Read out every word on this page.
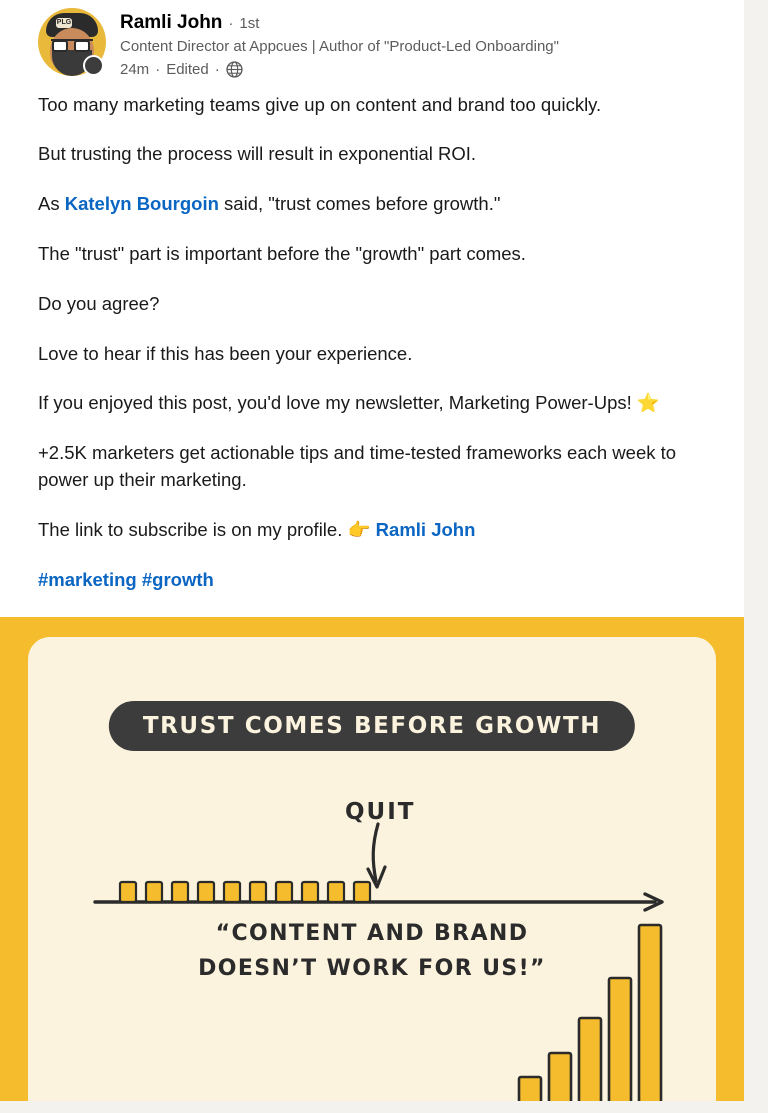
PLG	Ramli John · 1st
Content Director at Appcues | Author of "Product-Led Onboarding"
24m · Edited ·

Too many marketing teams give up on content and brand too quickly.

But trusting the process will result in exponential ROI.

As Katelyn Bourgoin said, "trust comes before growth."

The "trust" part is important before the "growth" part comes.

Do you agree?

Love to hear if this has been your experience.

If you enjoyed this post, you'd love my newsletter, Marketing Power-Ups! ⭐

+2.5K marketers get actionable tips and time-tested frameworks each week to power up their marketing.

The link to subscribe is on my profile. 👉 Ramli John

#marketing #growth

TRUST COMES BEFORE GROWTH
QUIT
“CONTENT AND BRAND
DOESN’T WORK FOR US!”
